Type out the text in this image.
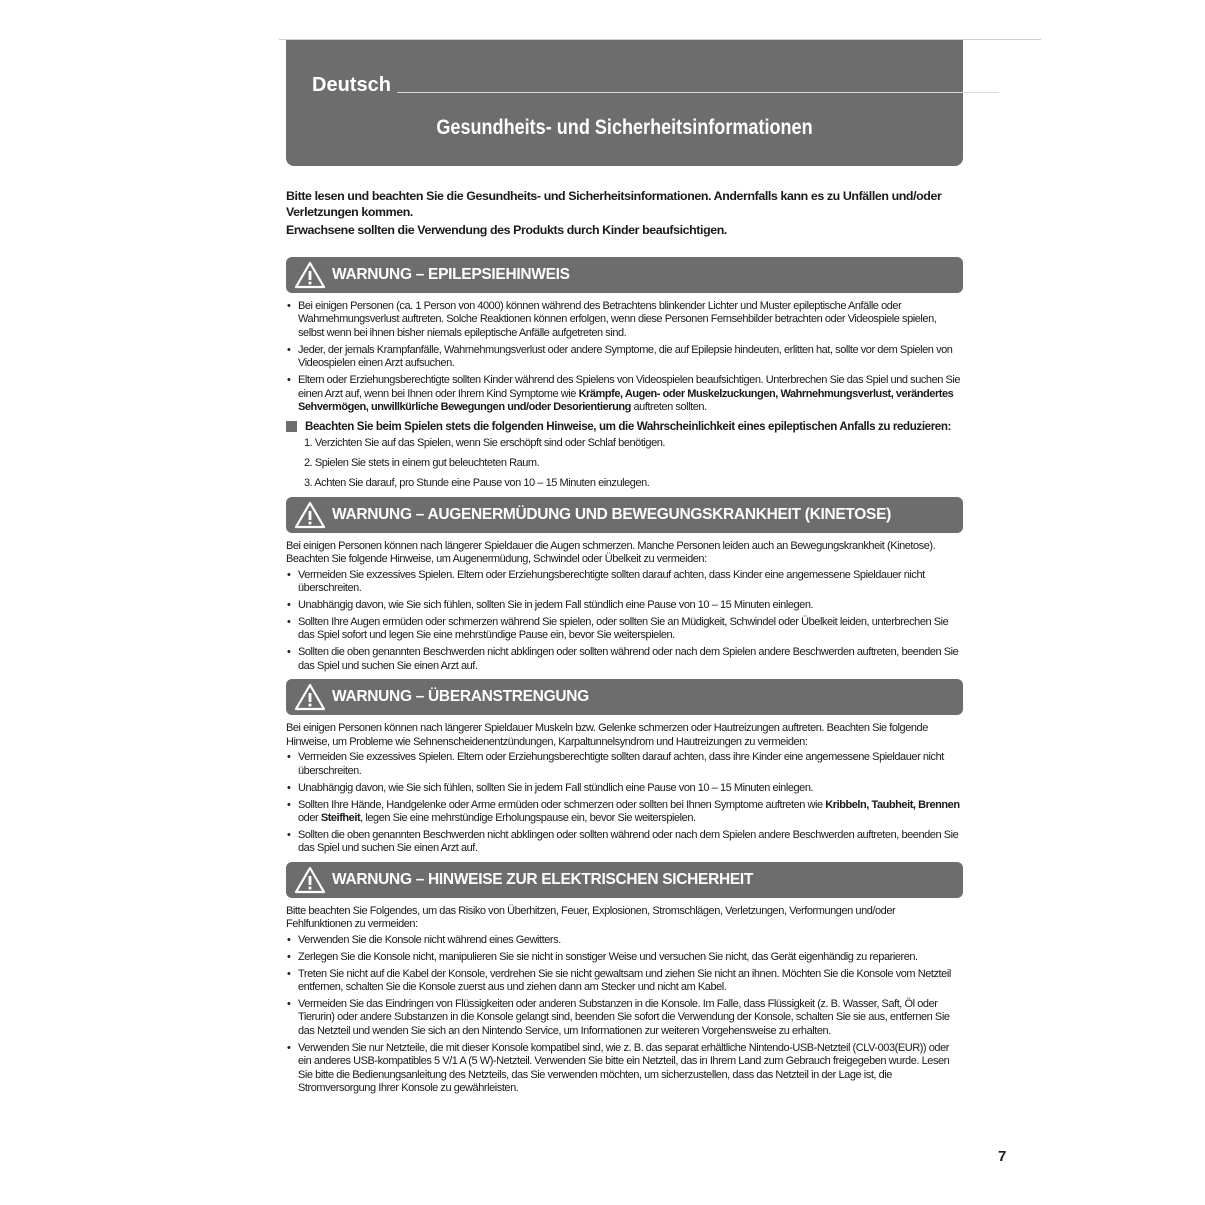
Deutsch
Gesundheits- und Sicherheitsinformationen

Bitte lesen und beachten Sie die Gesundheits- und Sicherheitsinformationen. Andernfalls kann es zu Unfällen und/oder Verletzungen kommen.

Erwachsene sollten die Verwendung des Produkts durch Kinder beaufsichtigen.

WARNUNG – EPILEPSIEHINWEIS
• Bei einigen Personen (ca. 1 Person von 4000) können während des Betrachtens blinkender Lichter und Muster epileptische Anfälle oder Wahrnehmungsverlust auftreten. Solche Reaktionen können erfolgen, wenn diese Personen Fernsehbilder betrachten oder Videospiele spielen, selbst wenn bei ihnen bisher niemals epileptische Anfälle aufgetreten sind.
• Jeder, der jemals Krampfanfälle, Wahrnehmungsverlust oder andere Symptome, die auf Epilepsie hindeuten, erlitten hat, sollte vor dem Spielen von Videospielen einen Arzt aufsuchen.
• Eltern oder Erziehungsberechtigte sollten Kinder während des Spielens von Videospielen beaufsichtigen. Unterbrechen Sie das Spiel und suchen Sie einen Arzt auf, wenn bei Ihnen oder Ihrem Kind Symptome wie Krämpfe, Augen- oder Muskelzuckungen, Wahrnehmungsverlust, verändertes Sehvermögen, unwillkürliche Bewegungen und/oder Desorientierung auftreten sollten.
Beachten Sie beim Spielen stets die folgenden Hinweise, um die Wahrscheinlichkeit eines epileptischen Anfalls zu reduzieren:
1. Verzichten Sie auf das Spielen, wenn Sie erschöpft sind oder Schlaf benötigen.
2. Spielen Sie stets in einem gut beleuchteten Raum.
3. Achten Sie darauf, pro Stunde eine Pause von 10 – 15 Minuten einzulegen.
WARNUNG – AUGENERMÜDUNG UND BEWEGUNGSKRANKHEIT (KINETOSE)

Bei einigen Personen können nach längerer Spieldauer die Augen schmerzen. Manche Personen leiden auch an Bewegungskrankheit (Kinetose). Beachten Sie folgende Hinweise, um Augenermüdung, Schwindel oder Übelkeit zu vermeiden:

• Vermeiden Sie exzessives Spielen. Eltern oder Erziehungsberechtigte sollten darauf achten, dass Kinder eine angemessene Spieldauer nicht überschreiten.
• Unabhängig davon, wie Sie sich fühlen, sollten Sie in jedem Fall stündlich eine Pause von 10 – 15 Minuten einlegen.
• Sollten Ihre Augen ermüden oder schmerzen während Sie spielen, oder sollten Sie an Müdigkeit, Schwindel oder Übelkeit leiden, unterbrechen Sie das Spiel sofort und legen Sie eine mehrstündige Pause ein, bevor Sie weiterspielen.
• Sollten die oben genannten Beschwerden nicht abklingen oder sollten während oder nach dem Spielen andere Beschwerden auftreten, beenden Sie das Spiel und suchen Sie einen Arzt auf.
WARNUNG – ÜBERANSTRENGUNG

Bei einigen Personen können nach längerer Spieldauer Muskeln bzw. Gelenke schmerzen oder Hautreizungen auftreten. Beachten Sie folgende Hinweise, um Probleme wie Sehnenscheidenentzündungen, Karpaltunnelsyndrom und Hautreizungen zu vermeiden:

• Vermeiden Sie exzessives Spielen. Eltern oder Erziehungsberechtigte sollten darauf achten, dass ihre Kinder eine angemessene Spieldauer nicht überschreiten.
• Unabhängig davon, wie Sie sich fühlen, sollten Sie in jedem Fall stündlich eine Pause von 10 – 15 Minuten einlegen.
• Sollten Ihre Hände, Handgelenke oder Arme ermüden oder schmerzen oder sollten bei Ihnen Symptome auftreten wie Kribbeln, Taubheit, Brennen oder Steifheit, legen Sie eine mehrstündige Erholungspause ein, bevor Sie weiterspielen.
• Sollten die oben genannten Beschwerden nicht abklingen oder sollten während oder nach dem Spielen andere Beschwerden auftreten, beenden Sie das Spiel und suchen Sie einen Arzt auf.
WARNUNG – HINWEISE ZUR ELEKTRISCHEN SICHERHEIT

Bitte beachten Sie Folgendes, um das Risiko von Überhitzen, Feuer, Explosionen, Stromschlägen, Verletzungen, Verformungen und/oder Fehlfunktionen zu vermeiden:

• Verwenden Sie die Konsole nicht während eines Gewitters.
• Zerlegen Sie die Konsole nicht, manipulieren Sie sie nicht in sonstiger Weise und versuchen Sie nicht, das Gerät eigenhändig zu reparieren.
• Treten Sie nicht auf die Kabel der Konsole, verdrehen Sie sie nicht gewaltsam und ziehen Sie nicht an ihnen. Möchten Sie die Konsole vom Netzteil entfernen, schalten Sie die Konsole zuerst aus und ziehen dann am Stecker und nicht am Kabel.
• Vermeiden Sie das Eindringen von Flüssigkeiten oder anderen Substanzen in die Konsole. Im Falle, dass Flüssigkeit (z. B. Wasser, Saft, Öl oder Tierurin) oder andere Substanzen in die Konsole gelangt sind, beenden Sie sofort die Verwendung der Konsole, schalten Sie sie aus, entfernen Sie das Netzteil und wenden Sie sich an den Nintendo Service, um Informationen zur weiteren Vorgehensweise zu erhalten.
• Verwenden Sie nur Netzteile, die mit dieser Konsole kompatibel sind, wie z. B. das separat erhältliche Nintendo-USB-Netzteil (CLV-003(EUR)) oder ein anderes USB-kompatibles 5 V/1 A (5 W)-Netzteil. Verwenden Sie bitte ein Netzteil, das in Ihrem Land zum Gebrauch freigegeben wurde. Lesen Sie bitte die Bedienungsanleitung des Netzteils, das Sie verwenden möchten, um sicherzustellen, dass das Netzteil in der Lage ist, die Stromversorgung Ihrer Konsole zu gewährleisten.
7
